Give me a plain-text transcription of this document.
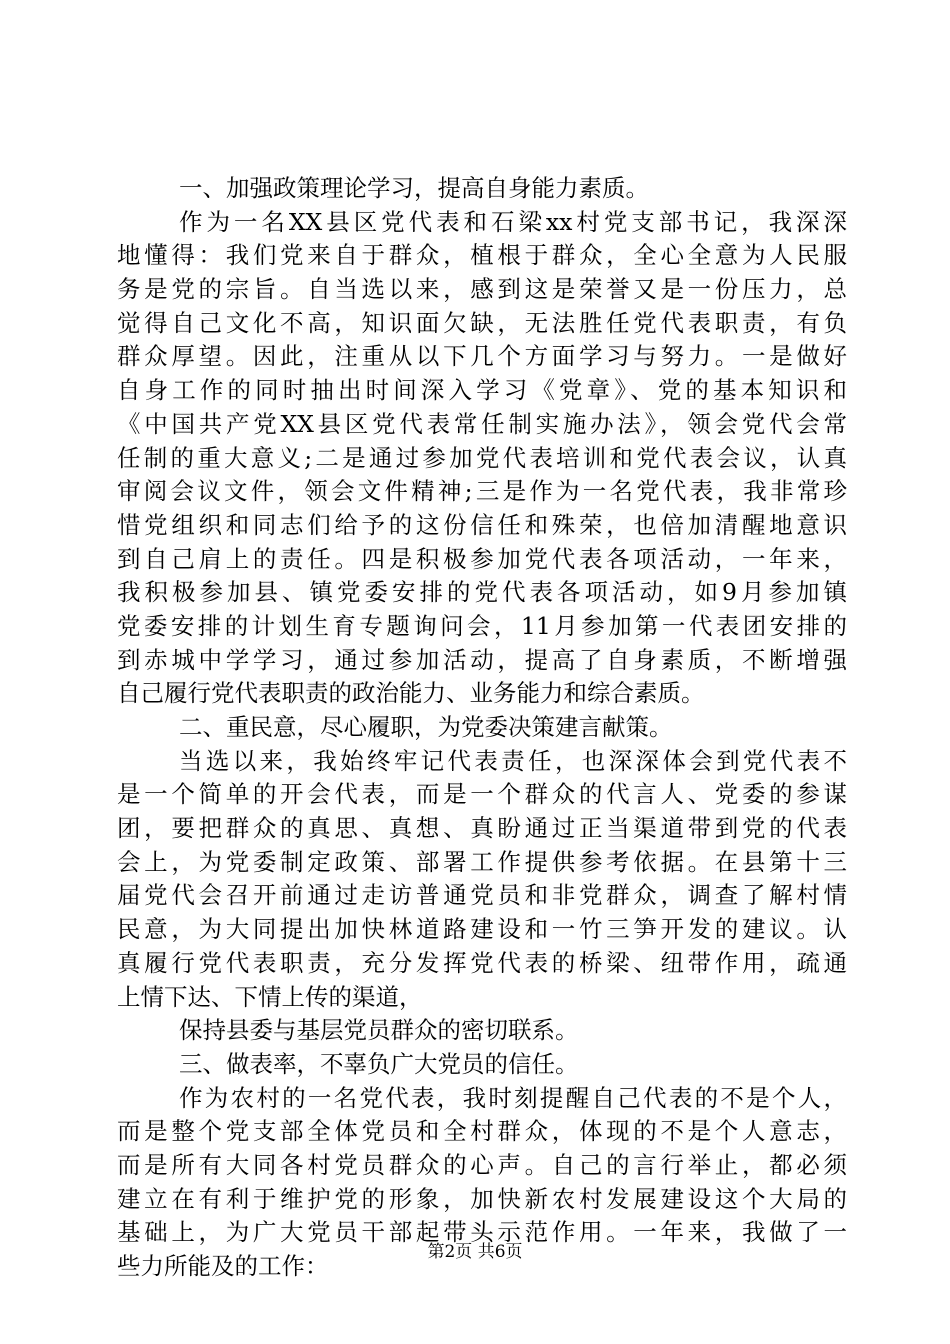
一、加强政策理论学习，提高自身能力素质。
作为一名XX县区党代表和石梁xx村党支部书记，我深深
地懂得：我们党来自于群众，植根于群众，全心全意为人民服
务是党的宗旨。自当选以来，感到这是荣誉又是一份压力，总
觉得自己文化不高，知识面欠缺，无法胜任党代表职责，有负
群众厚望。因此，注重从以下几个方面学习与努力。一是做好
自身工作的同时抽出时间深入学习《党章》、党的基本知识和
《中国共产党XX县区党代表常任制实施办法》，领会党代会常
任制的重大意义;二是通过参加党代表培训和党代表会议，认真
审阅会议文件，领会文件精神;三是作为一名党代表，我非常珍
惜党组织和同志们给予的这份信任和殊荣，也倍加清醒地意识
到自己肩上的责任。四是积极参加党代表各项活动，一年来，
我积极参加县、镇党委安排的党代表各项活动，如9月参加镇
党委安排的计划生育专题询问会，11月参加第一代表团安排的
到赤城中学学习，通过参加活动，提高了自身素质，不断增强
自己履行党代表职责的政治能力、业务能力和综合素质。
二、重民意，尽心履职，为党委决策建言献策。
当选以来，我始终牢记代表责任，也深深体会到党代表不
是一个简单的开会代表，而是一个群众的代言人、党委的参谋
团，要把群众的真思、真想、真盼通过正当渠道带到党的代表
会上，为党委制定政策、部署工作提供参考依据。在县第十三
届党代会召开前通过走访普通党员和非党群众，调查了解村情
民意，为大同提出加快林道路建设和一竹三笋开发的建议。认
真履行党代表职责，充分发挥党代表的桥梁、纽带作用，疏通
上情下达、下情上传的渠道，
保持县委与基层党员群众的密切联系。
三、做表率，不辜负广大党员的信任。
作为农村的一名党代表，我时刻提醒自己代表的不是个人，
而是整个党支部全体党员和全村群众，体现的不是个人意志，
而是所有大同各村党员群众的心声。自己的言行举止，都必须
建立在有利于维护党的形象，加快新农村发展建设这个大局的
基础上，为广大党员干部起带头示范作用。一年来，我做了一
些力所能及的工作：	第2页 共6页
